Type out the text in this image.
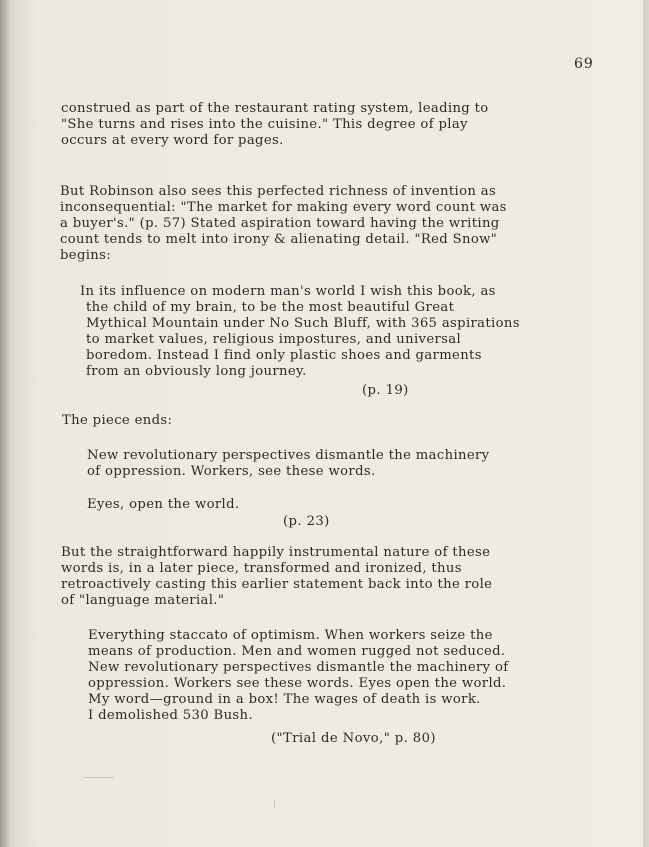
69
construed as part of the restaurant rating system, leading to
"She turns and rises into the cuisine." This degree of play
occurs at every word for pages.
But Robinson also sees this perfected richness of invention as
inconsequential: "The market for making every word count was
a buyer's." (p. 57) Stated aspiration toward having the writing
count tends to melt into irony & alienating detail. "Red Snow"
begins:
In its influence on modern man's world I wish this book, as
the child of my brain, to be the most beautiful Great
Mythical Mountain under No Such Bluff, with 365 aspirations
to market values, religious impostures, and universal
boredom. Instead I find only plastic shoes and garments
from an obviously long journey.
(p. 19)
The piece ends:
New revolutionary perspectives dismantle the machinery
of oppression. Workers, see these words.
Eyes, open the world.
(p. 23)
But the straightforward happily instrumental nature of these
words is, in a later piece, transformed and ironized, thus
retroactively casting this earlier statement back into the role
of "language material."
Everything staccato of optimism. When workers seize the
means of production. Men and women rugged not seduced.
New revolutionary perspectives dismantle the machinery of
oppression. Workers see these words. Eyes open the world.
My word—ground in a box! The wages of death is work.
I demolished 530 Bush.
("Trial de Novo," p. 80)
